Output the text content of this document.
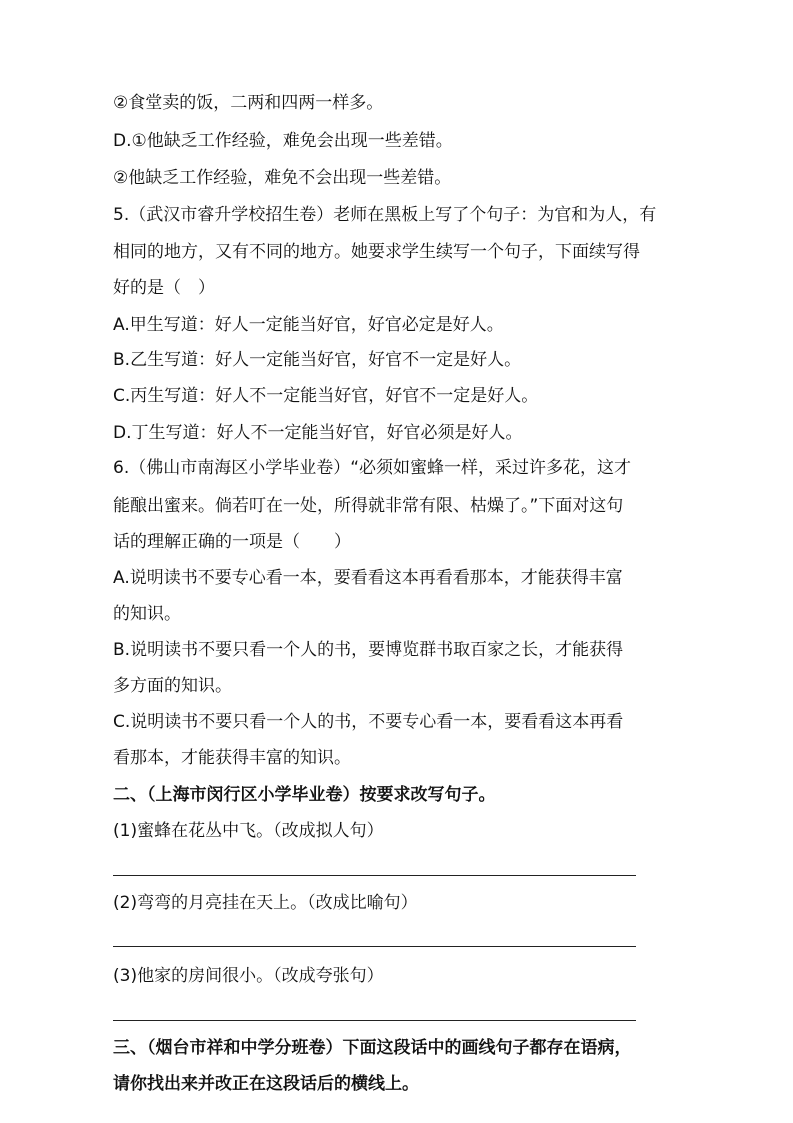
②食堂卖的饭，二两和四两一样多。
D.①他缺乏工作经验，难免会出现一些差错。
②他缺乏工作经验，难免不会出现一些差错。
5.（武汉市睿升学校招生卷）老师在黑板上写了个句子：为官和为人，有
相同的地方，又有不同的地方。她要求学生续写一个句子，下面续写得
好的是（　）
A.甲生写道：好人一定能当好官，好官必定是好人。
B.乙生写道：好人一定能当好官，好官不一定是好人。
C.丙生写道：好人不一定能当好官，好官不一定是好人。
D.丁生写道：好人不一定能当好官，好官必须是好人。
6.（佛山市南海区小学毕业卷）“必须如蜜蜂一样，采过许多花，这才
能酿出蜜来。倘若叮在一处，所得就非常有限、枯燥了。”下面对这句
话的理解正确的一项是（　　）
A.说明读书不要专心看一本，要看看这本再看看那本，才能获得丰富
的知识。
B.说明读书不要只看一个人的书，要博览群书取百家之长，才能获得
多方面的知识。
C.说明读书不要只看一个人的书，不要专心看一本，要看看这本再看
看那本，才能获得丰富的知识。
二、（上海市闵行区小学毕业卷）按要求改写句子。
(1)蜜蜂在花丛中飞。（改成拟人句）
(2)弯弯的月亮挂在天上。（改成比喻句）
(3)他家的房间很小。（改成夸张句）
三、（烟台市祥和中学分班卷）下面这段话中的画线句子都存在语病，
请你找出来并改正在这段话后的横线上。
